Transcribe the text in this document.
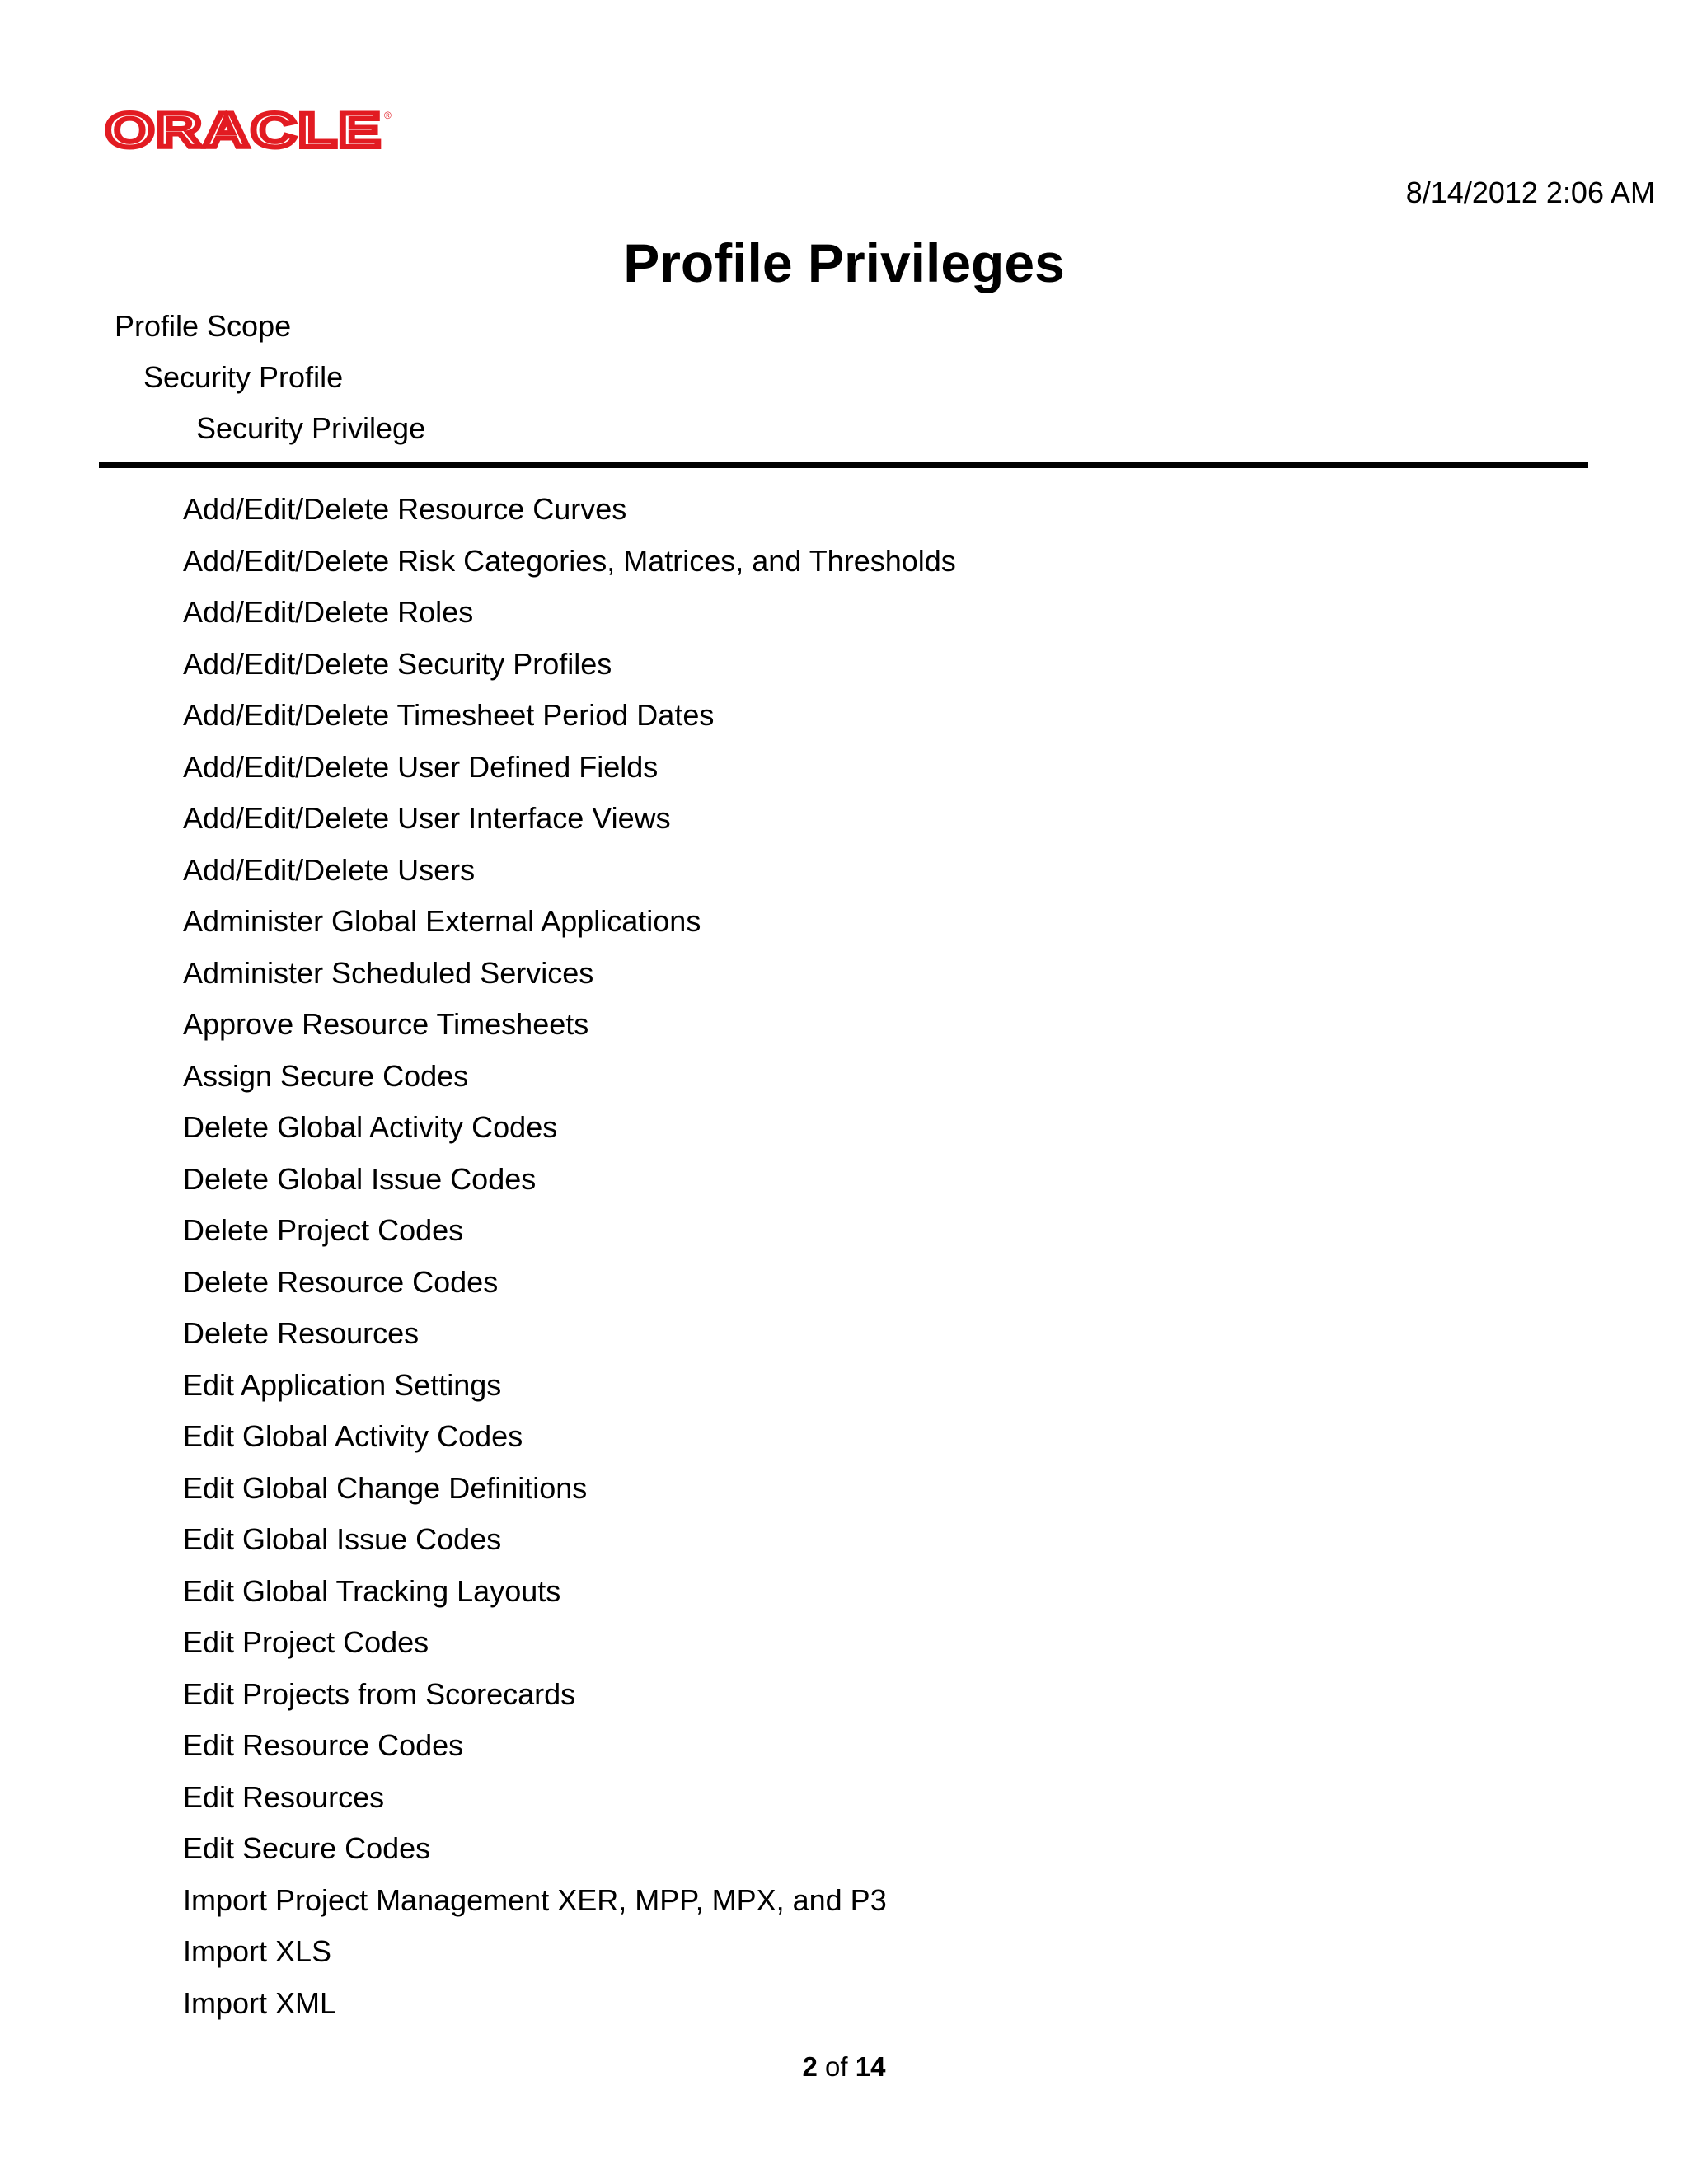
ORACLE ®
8/14/2012 2:06 AM
Profile Privileges
Profile Scope
Security Profile
Security Privilege
Add/Edit/Delete Resource Curves
Add/Edit/Delete Risk Categories, Matrices, and Thresholds
Add/Edit/Delete Roles
Add/Edit/Delete Security Profiles
Add/Edit/Delete Timesheet Period Dates
Add/Edit/Delete User Defined Fields
Add/Edit/Delete User Interface Views
Add/Edit/Delete Users
Administer Global External Applications
Administer Scheduled Services
Approve Resource Timesheets
Assign Secure Codes
Delete Global Activity Codes
Delete Global Issue Codes
Delete Project Codes
Delete Resource Codes
Delete Resources
Edit Application Settings
Edit Global Activity Codes
Edit Global Change Definitions
Edit Global Issue Codes
Edit Global Tracking Layouts
Edit Project Codes
Edit Projects from Scorecards
Edit Resource Codes
Edit Resources
Edit Secure Codes
Import Project Management XER, MPP, MPX, and P3
Import XLS
Import XML
2 of 14
